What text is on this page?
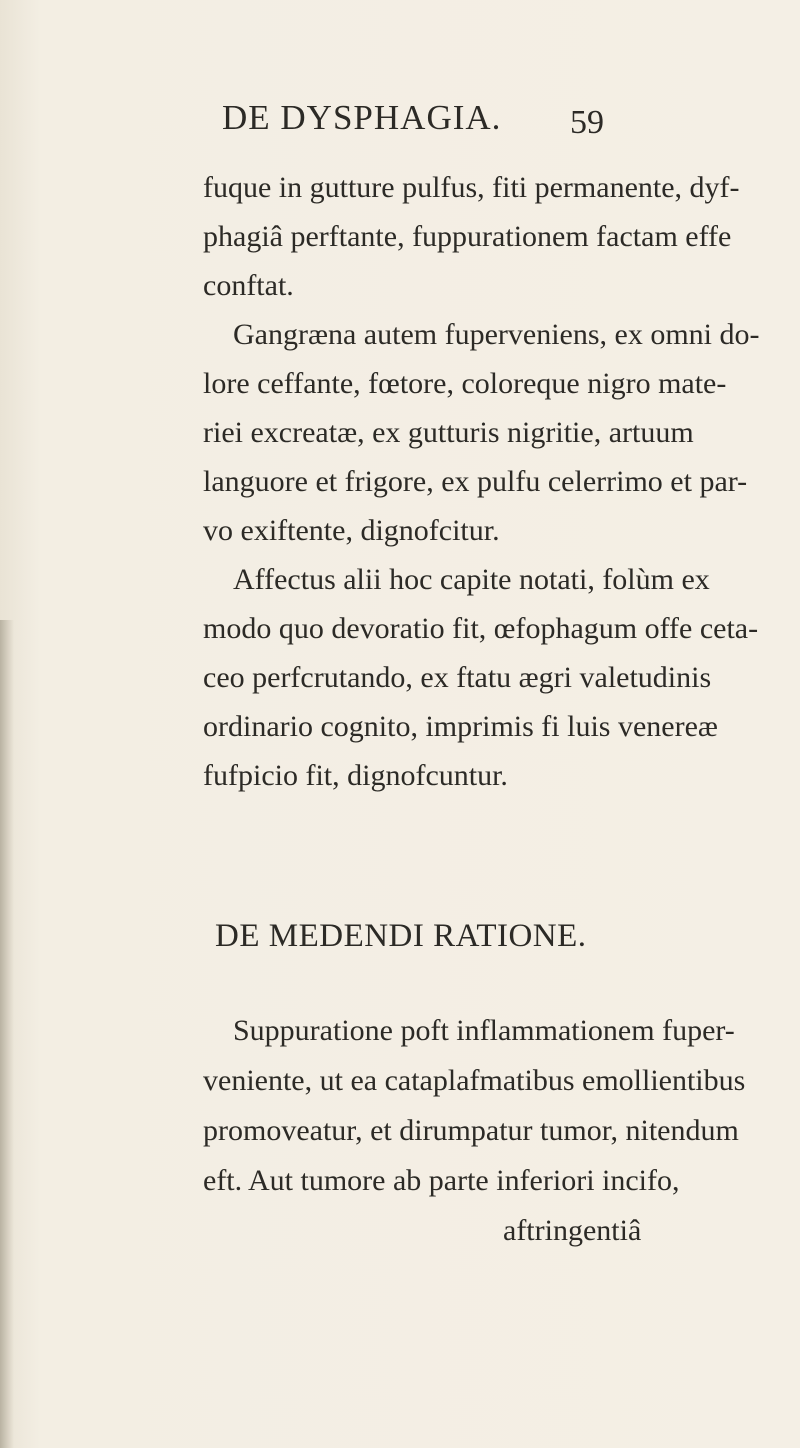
DE DYSPHAGIA. 59
fuque in gutture pulfus, fiti permanente, dyf-
phagiâ perftante, fuppurationem factam effe
conftat.
Gangræna autem fuperveniens, ex omni do-
lore ceffante, fœtore, coloreque nigro mate-
riei excreatæ, ex gutturis nigritie, artuum
languore et frigore, ex pulfu celerrimo et par-
vo exiftente, dignofcitur.
Affectus alii hoc capite notati, folùm ex
modo quo devoratio fit, œfophagum offe ceta-
ceo perfcrutando, ex ftatu ægri valetudinis
ordinario cognito, imprimis fi luis venereæ
fufpicio fit, dignofcuntur.
DE MEDENDI RATIONE.
Suppuratione poft inflammationem fuper-
veniente, ut ea cataplafmatibus emollientibus
promoveatur, et dirumpatur tumor, nitendum
eft. Aut tumore ab parte inferiori incifo,
aftringentiâ
